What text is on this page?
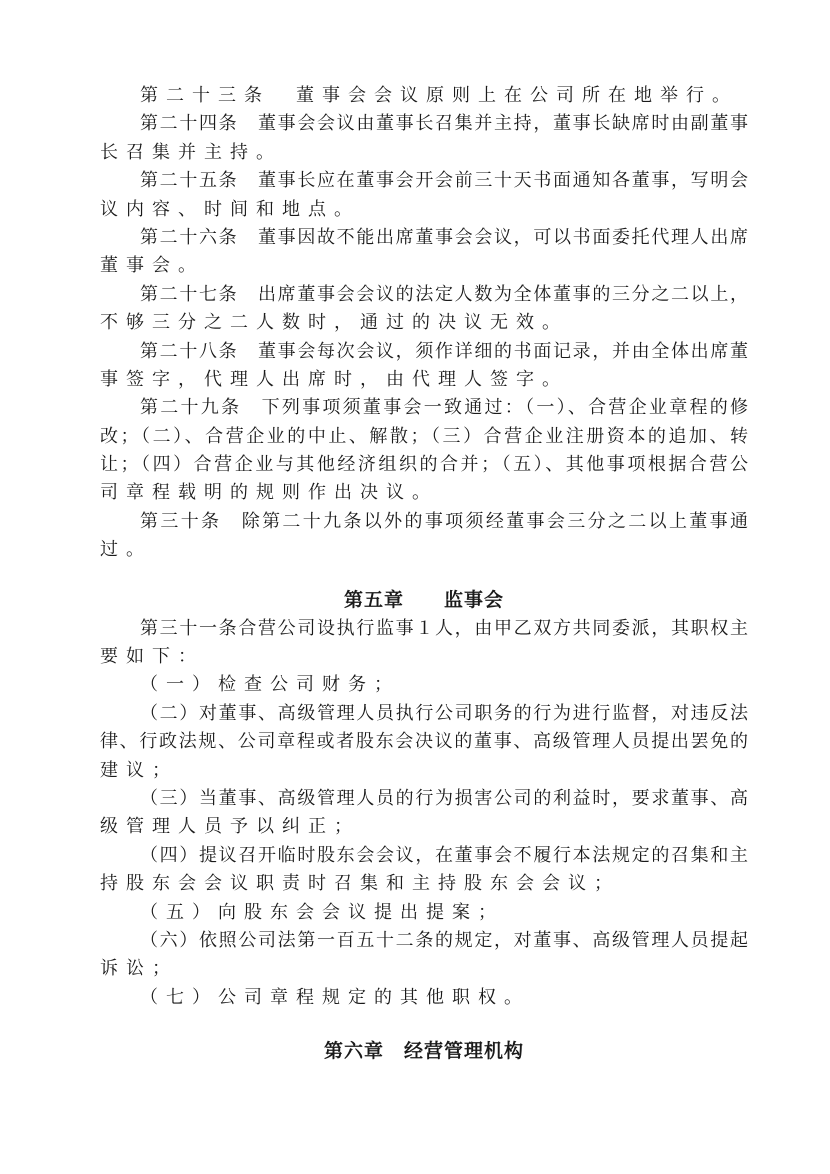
第二十三条　董事会会议原则上在公司所在地举行。
第二十四条　董事会会议由董事长召集并主持，董事长缺席时由副董事
长召集并主持。
第二十五条　董事长应在董事会开会前三十天书面通知各董事，写明会
议内容、时间和地点。
第二十六条　董事因故不能出席董事会会议，可以书面委托代理人出席
董事会。
第二十七条　出席董事会会议的法定人数为全体董事的三分之二以上，
不够三分之二人数时，通过的决议无效。
第二十八条　董事会每次会议，须作详细的书面记录，并由全体出席董
事签字，代理人出席时，由代理人签字。
第二十九条　下列事项须董事会一致通过：（一）、合营企业章程的修
改；（二）、合营企业的中止、解散；（三）合营企业注册资本的追加、转
让；（四）合营企业与其他经济组织的合并；（五）、其他事项根据合营公
司章程载明的规则作出决议。
第三十条　除第二十九条以外的事项须经董事会三分之二以上董事通
过。
第五章　　监事会
第三十一条合营公司设执行监事１人，由甲乙双方共同委派，其职权主
要如下：
（一）检查公司财务；
（二）对董事、高级管理人员执行公司职务的行为进行监督，对违反法
律、行政法规、公司章程或者股东会决议的董事、高级管理人员提出罢免的
建议；
（三）当董事、高级管理人员的行为损害公司的利益时，要求董事、高
级管理人员予以纠正；
（四）提议召开临时股东会会议，在董事会不履行本法规定的召集和主
持股东会会议职责时召集和主持股东会会议；
（五）向股东会会议提出提案；
（六）依照公司法第一百五十二条的规定，对董事、高级管理人员提起
诉讼；
（七）公司章程规定的其他职权。
第六章　经营管理机构
